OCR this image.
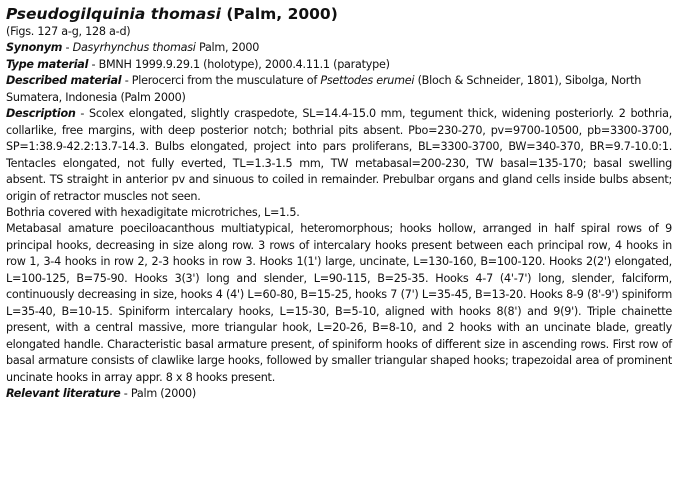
Pseudogilquinia thomasi (Palm, 2000)
(Figs. 127 a-g, 128 a-d)
Synonym - Dasyrhynchus thomasi Palm, 2000
Type material - BMNH 1999.9.29.1 (holotype), 2000.4.11.1 (paratype)
Described material - Plerocerci from the musculature of Psettodes erumei (Bloch & Schneider, 1801), Sibolga, North Sumatera, Indonesia (Palm 2000)
Description - Scolex elongated, slightly craspedote, SL=14.4-15.0 mm, tegument thick, widening posteriorly. 2 bothria, collarlike, free margins, with deep posterior notch; bothrial pits absent. Pbo=230-270, pv=9700-10500, pb=3300-3700, SP=1:38.9-42.2:13.7-14.3. Bulbs elongated, project into pars proliferans, BL=3300-3700, BW=340-370, BR=9.7-10.0:1. Tentacles elongated, not fully everted, TL=1.3-1.5 mm, TW metabasal=200-230, TW basal=135-170; basal swelling absent. TS straight in anterior pv and sinuous to coiled in remainder. Prebulbar organs and gland cells inside bulbs absent; origin of retractor muscles not seen.
Bothria covered with hexadigitate microtriches, L=1.5.
Metabasal amature poeciloacanthous multiatypical, heteromorphous; hooks hollow, arranged in half spiral rows of 9 principal hooks, decreasing in size along row. 3 rows of intercalary hooks present between each principal row, 4 hooks in row 1, 3-4 hooks in row 2, 2-3 hooks in row 3. Hooks 1(1') large, uncinate, L=130-160, B=100-120. Hooks 2(2') elongated, L=100-125, B=75-90. Hooks 3(3') long and slender, L=90-115, B=25-35. Hooks 4-7 (4'-7') long, slender, falciform, continuously decreasing in size, hooks 4 (4') L=60-80, B=15-25, hooks 7 (7') L=35-45, B=13-20. Hooks 8-9 (8'-9') spiniform L=35-40, B=10-15. Spiniform intercalary hooks, L=15-30, B=5-10, aligned with hooks 8(8') and 9(9'). Triple chainette present, with a central massive, more triangular hook, L=20-26, B=8-10, and 2 hooks with an uncinate blade, greatly elongated handle. Characteristic basal armature present, of spiniform hooks of different size in ascending rows. First row of basal armature consists of clawlike large hooks, followed by smaller triangular shaped hooks; trapezoidal area of prominent uncinate hooks in array appr. 8 x 8 hooks present.
Relevant literature - Palm (2000)
